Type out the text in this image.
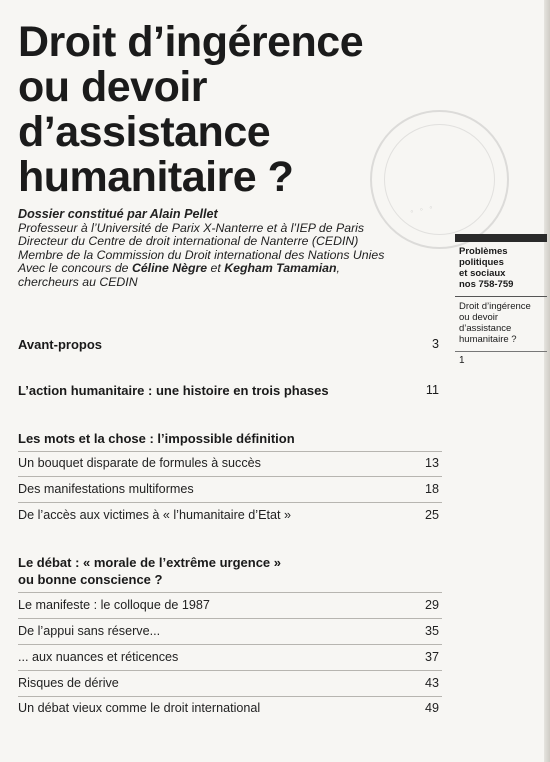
◦ ◦ ◦
Droit d’ingérence
ou devoir
d’assistance
humanitaire ?
Dossier constitué par Alain Pellet
Professeur à l’Université de Parix X-Nanterre et à l’IEP de Paris
Directeur du Centre de droit international de Nanterre (CEDIN)
Membre de la Commission du Droit international des Nations Unies
Avec le concours de Céline Nègre et Kegham Tamamian,
chercheurs au CEDIN
Problèmes
politiques
et sociaux
nos 758-759
Droit d’ingérence
ou devoir
d’assistance
humanitaire ?
1
Avant-propos	3
L’action humanitaire : une histoire en trois phases	11
Les mots et la chose : l’impossible définition
Un bouquet disparate de formules à succès	13
Des manifestations multiformes	18
De l’accès aux victimes à « l’humanitaire d’Etat »	25
Le débat : « morale de l’extrême urgence »
ou bonne conscience ?
Le manifeste : le colloque de 1987	29
De l’appui sans réserve...	35
... aux nuances et réticences	37
Risques de dérive	43
Un débat vieux comme le droit international	49
